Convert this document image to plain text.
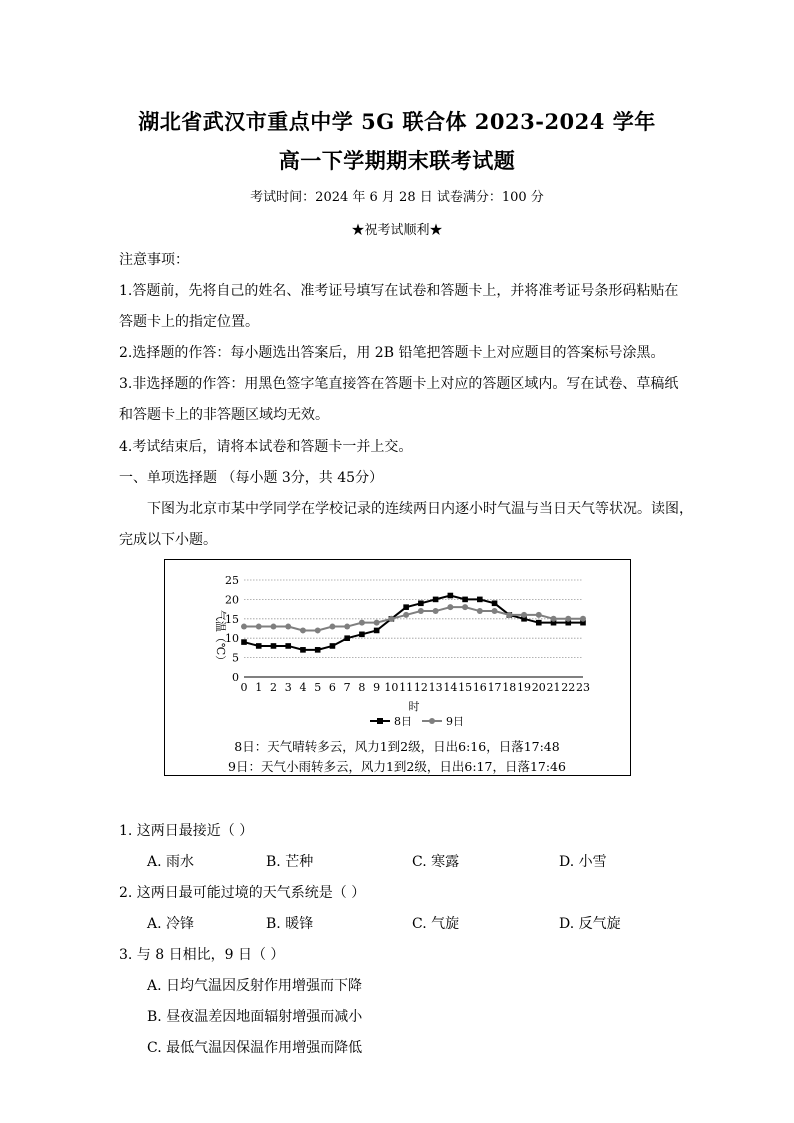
湖北省武汉市重点中学 5G 联合体 2023-2024 学年
高一下学期期末联考试题
考试时间：2024 年 6 月 28 日 试卷满分：100 分
★祝考试顺利★
注意事项：
1.答题前，先将自己的姓名、准考证号填写在试卷和答题卡上，并将准考证号条形码粘贴在
答题卡上的指定位置。
2.选择题的作答：每小题选出答案后，用 2B 铅笔把答题卡上对应题目的答案标号涂黑。
3.非选择题的作答：用黑色签字笔直接答在答题卡上对应的答题区域内。写在试卷、草稿纸
和答题卡上的非答题区域均无效。
4.考试结束后，请将本试卷和答题卡一并上交。
一、单项选择题 （每小题 3分，共 45分）
下图为北京市某中学同学在学校记录的连续两日内逐小时气温与当日天气等状况。读图，
完成以下小题。
0
5
10
15
20
25
0 1 2 3 4 5 6 7 8 9 10 11 12 13 14 15 16 17 18 19 20 21 22 23
气温（℃）
时
8日	9日
8日：天气晴转多云，风力1到2级，日出6:16，日落17:48
9日：天气小雨转多云，风力1到2级，日出6:17，日落17:46
1. 这两日最接近（ ）
A. 雨水	B. 芒种	C. 寒露	D. 小雪
2. 这两日最可能过境的天气系统是（ ）
A. 冷锋	B. 暖锋	C. 气旋	D. 反气旋
3. 与 8 日相比，9 日（ ）
A. 日均气温因反射作用增强而下降
B. 昼夜温差因地面辐射增强而减小
C. 最低气温因保温作用增强而降低
